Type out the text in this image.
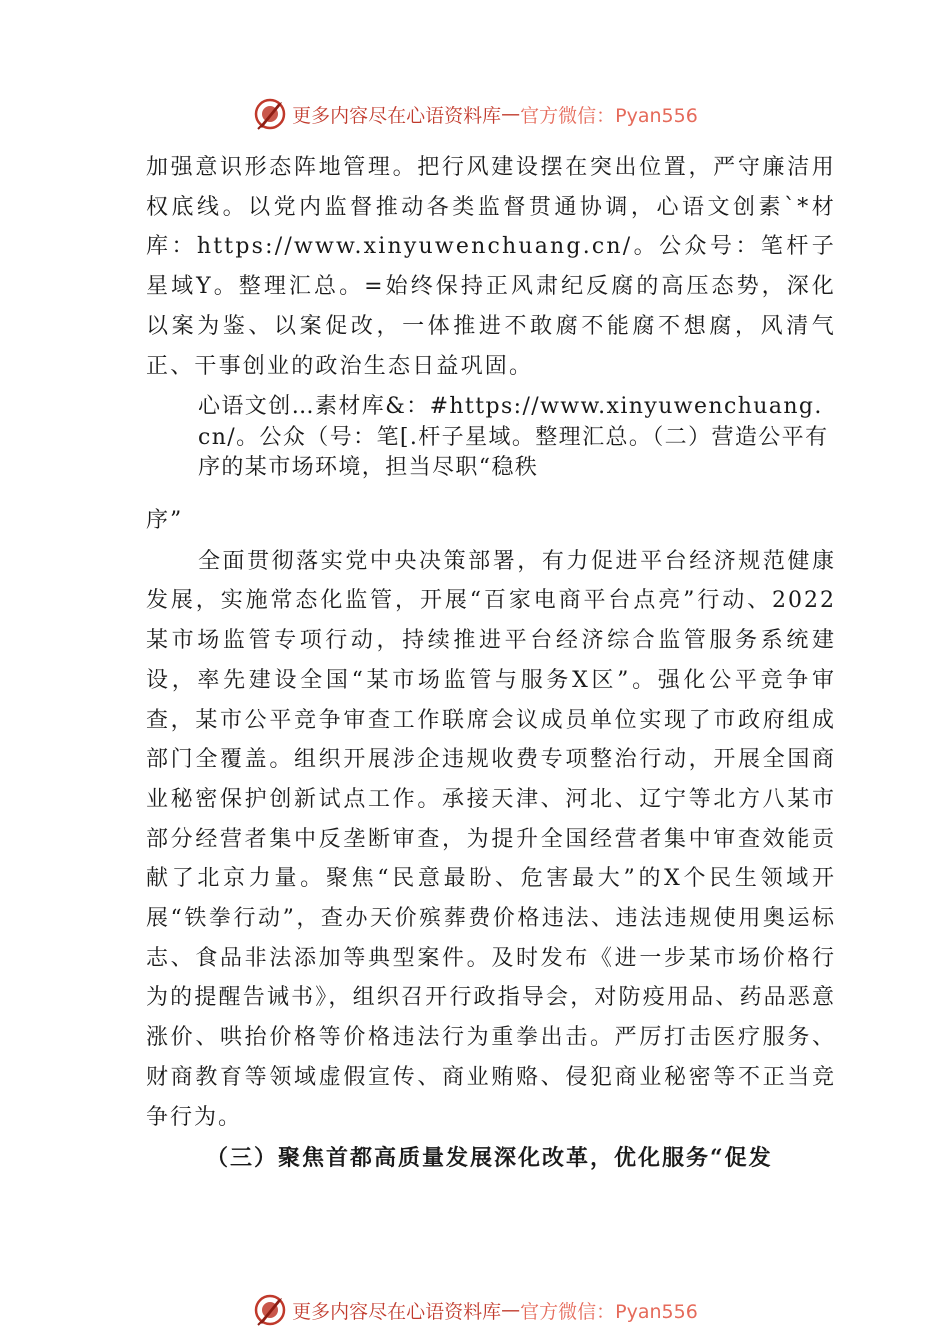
更多内容尽在心语资料库 — 官方微信：Pyan556

加强意识形态阵地管理。把行风建设摆在突出位置，严守廉洁用权底线。以党内监督推动各类监督贯通协调，心语文创素`*材库：https://www.xinyuwenchuang.cn/。公众号：笔杆子星域Y。整理汇总。=始终保持正风肃纪反腐的高压态势，深化以案为鉴、以案促改，一体推进不敢腐不能腐不想腐，风清气正、干事创业的政治生态日益巩固。

心语文创…素材库&：#https://www.xinyuwenchuang.cn/。公众（号：笔[.杆子星域。整理汇总。（二）营造公平有序的某市场环境，担当尽职“稳秩

序”

全面贯彻落实党中央决策部署，有力促进平台经济规范健康发展，实施常态化监管，开展“百家电商平台点亮”行动、2022某市场监管专项行动，持续推进平台经济综合监管服务系统建设，率先建设全国“某市场监管与服务X区”。强化公平竞争审查，某市公平竞争审查工作联席会议成员单位实现了市政府组成部门全覆盖。组织开展涉企违规收费专项整治行动，开展全国商业秘密保护创新试点工作。承接天津、河北、辽宁等北方八某市部分经营者集中反垄断审查，为提升全国经营者集中审查效能贡献了北京力量。聚焦“民意最盼、危害最大”的X个民生领域开展“铁拳行动”，查办天价殡葬费价格违法、违法违规使用奥运标志、食品非法添加等典型案件。及时发布《进一步某市场价格行为的提醒告诫书》，组织召开行政指导会，对防疫用品、药品恶意涨价、哄抬价格等价格违法行为重拳出击。严厉打击医疗服务、财商教育等领域虚假宣传、商业贿赂、侵犯商业秘密等不正当竞争行为。

（三）聚焦首都高质量发展深化改革，优化服务“促发

更多内容尽在心语资料库 — 官方微信：Pyan556
